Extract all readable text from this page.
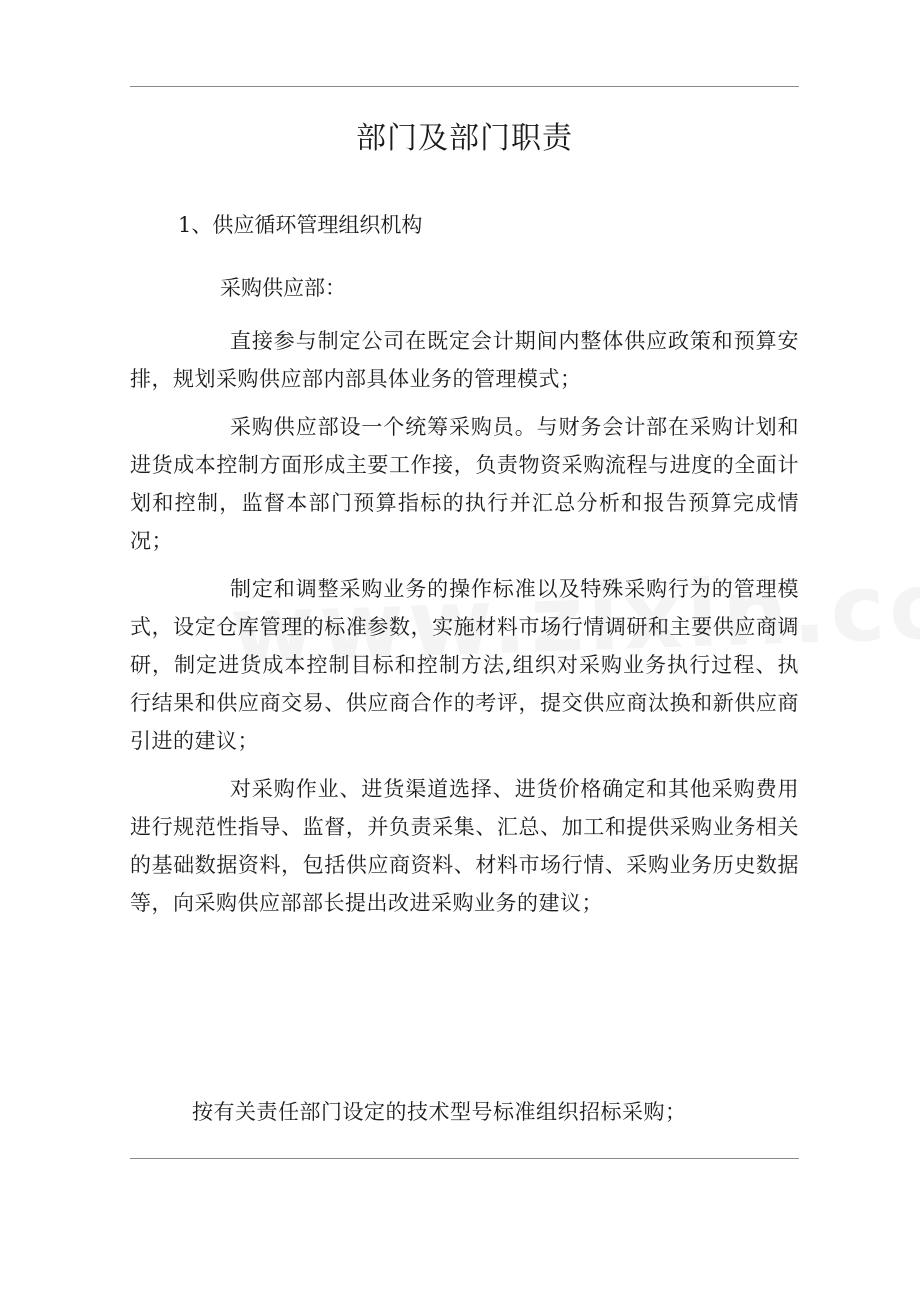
部门及部门职责
1、供应循环管理组织机构
采购供应部：

直接参与制定公司在既定会计期间内整体供应政策和预算安排，规划采购供应部内部具体业务的管理模式；

采购供应部设一个统筹采购员。与财务会计部在采购计划和进货成本控制方面形成主要工作接，负责物资采购流程与进度的全面计划和控制，监督本部门预算指标的执行并汇总分析和报告预算完成情况；

制定和调整采购业务的操作标准以及特殊采购行为的管理模式，设定仓库管理的标准参数，实施材料市场行情调研和主要供应商调研，制定进货成本控制目标和控制方法,组织对采购业务执行过程、执行结果和供应商交易、供应商合作的考评，提交供应商汰换和新供应商引进的建议；

对采购作业、进货渠道选择、进货价格确定和其他采购费用进行规范性指导、监督，并负责采集、汇总、加工和提供采购业务相关的基础数据资料，包括供应商资料、材料市场行情、采购业务历史数据等，向采购供应部部长提出改进采购业务的建议；

按有关责任部门设定的技术型号标准组织招标采购；
